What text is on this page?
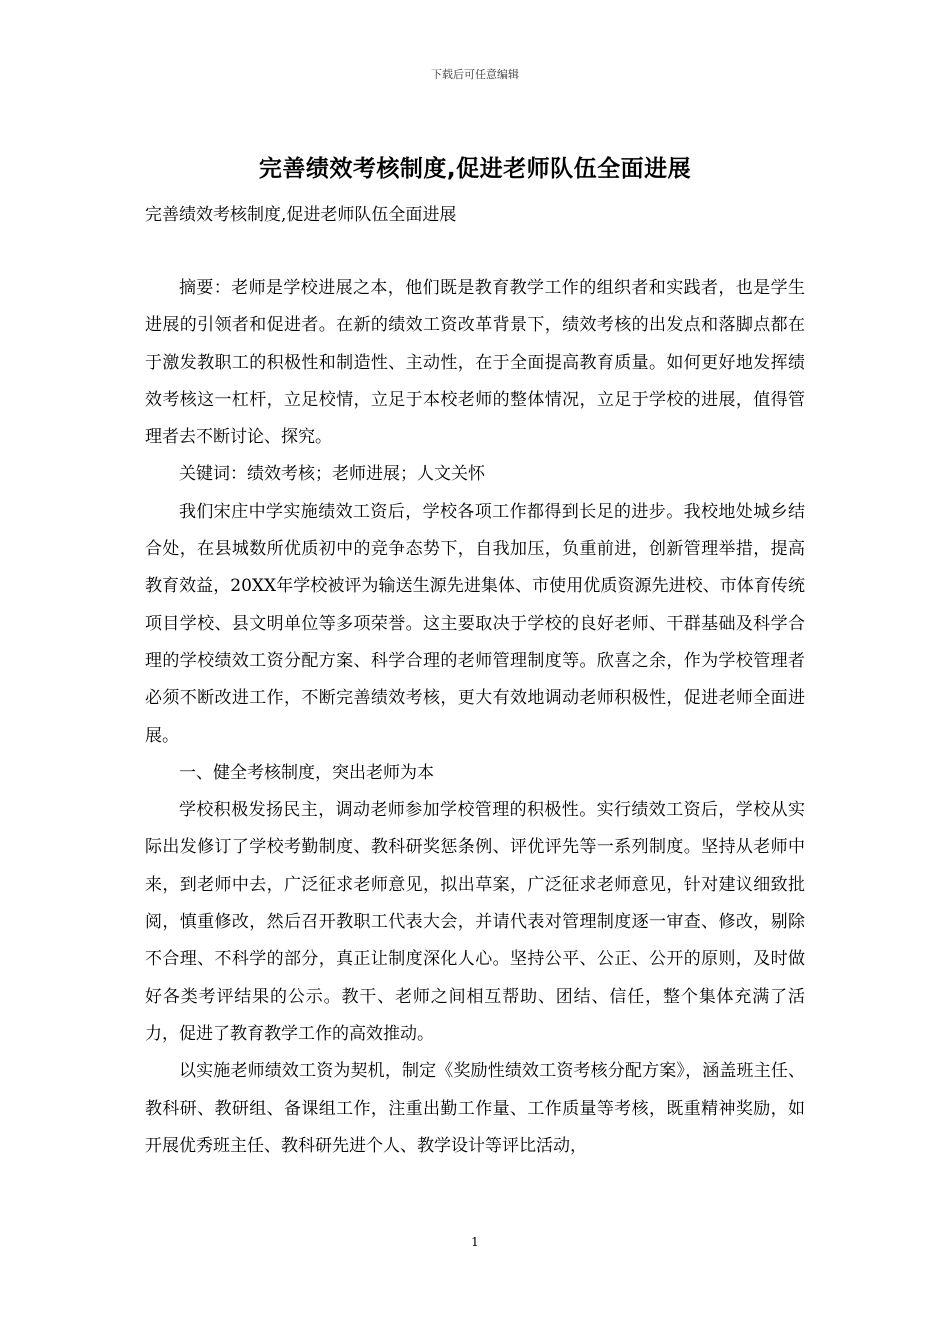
下载后可任意编辑
完善绩效考核制度,促进老师队伍全面进展
完善绩效考核制度,促进老师队伍全面进展

摘要：老师是学校进展之本，他们既是教育教学工作的组织者和实践者，也是学生进展的引领者和促进者。在新的绩效工资改革背景下，绩效考核的出发点和落脚点都在于激发教职工的积极性和制造性、主动性，在于全面提高教育质量。如何更好地发挥绩效考核这一杠杆，立足校情，立足于本校老师的整体情况，立足于学校的进展，值得管理者去不断讨论、探究。

关键词：绩效考核；老师进展；人文关怀

我们宋庄中学实施绩效工资后，学校各项工作都得到长足的进步。我校地处城乡结合处，在县城数所优质初中的竞争态势下，自我加压，负重前进，创新管理举措，提高教育效益，20XX年学校被评为输送生源先进集体、市使用优质资源先进校、市体育传统项目学校、县文明单位等多项荣誉。这主要取决于学校的良好老师、干群基础及科学合理的学校绩效工资分配方案、科学合理的老师管理制度等。欣喜之余，作为学校管理者必须不断改进工作，不断完善绩效考核，更大有效地调动老师积极性，促进老师全面进展。

一、健全考核制度，突出老师为本

学校积极发扬民主，调动老师参加学校管理的积极性。实行绩效工资后，学校从实际出发修订了学校考勤制度、教科研奖惩条例、评优评先等一系列制度。坚持从老师中来，到老师中去，广泛征求老师意见，拟出草案，广泛征求老师意见，针对建议细致批阅，慎重修改，然后召开教职工代表大会，并请代表对管理制度逐一审查、修改，剔除不合理、不科学的部分，真正让制度深化人心。坚持公平、公正、公开的原则，及时做好各类考评结果的公示。教干、老师之间相互帮助、团结、信任，整个集体充满了活力，促进了教育教学工作的高效推动。

以实施老师绩效工资为契机，制定《奖励性绩效工资考核分配方案》，涵盖班主任、教科研、教研组、备课组工作，注重出勤工作量、工作质量等考核，既重精神奖励，如开展优秀班主任、教科研先进个人、教学设计等评比活动，

1
